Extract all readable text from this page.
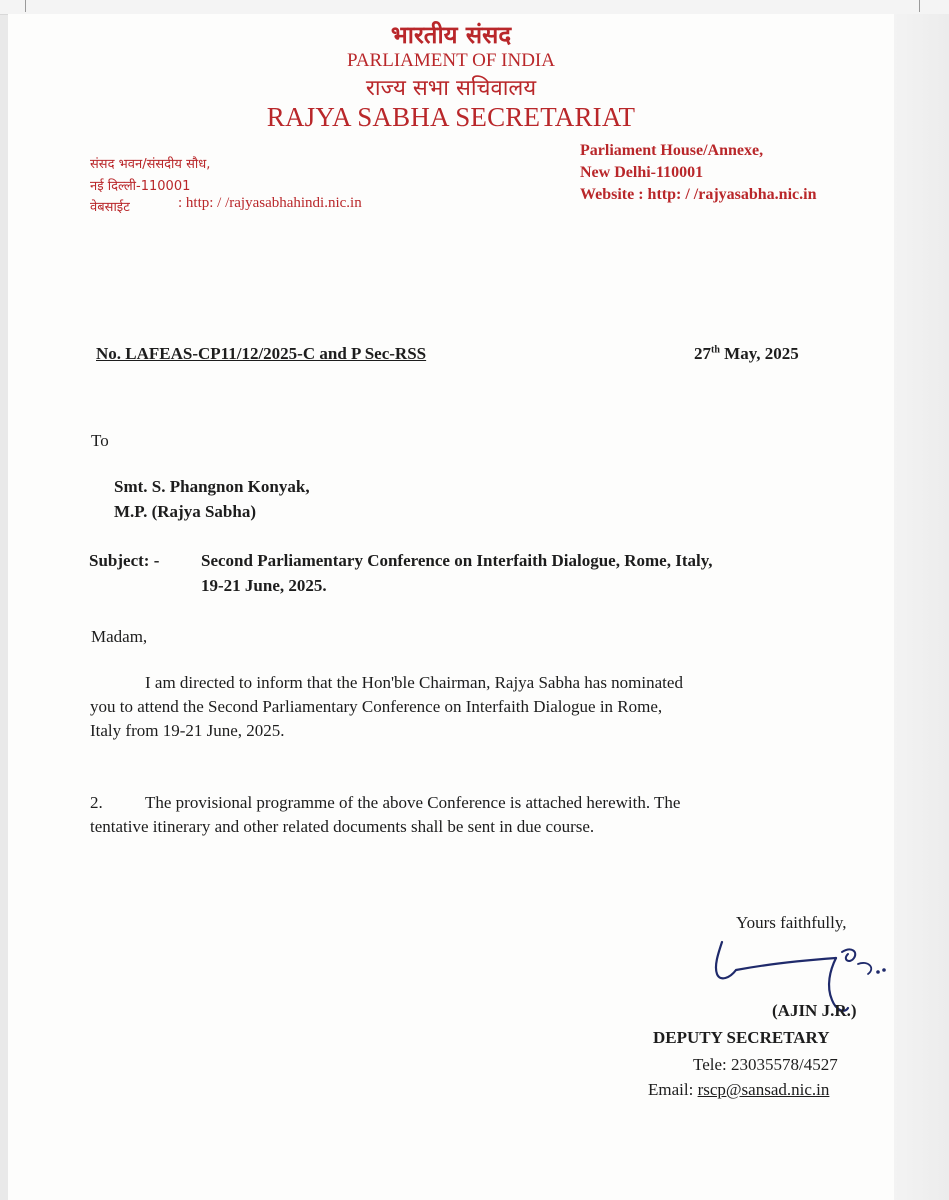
भारतीय संसद
PARLIAMENT OF INDIA
राज्य सभा सचिवालय
RAJYA SABHA SECRETARIAT
संसद भवन/संसदीय सौध,
नई दिल्ली-110001
वेबसाईट	: http: / /rajyasabhahindi.nic.in
Parliament House/Annexe,
New Delhi-110001
Website : http: / /rajyasabha.nic.in
No. LAFEAS-CP11/12/2025-C and P Sec-RSS	27th May, 2025
To
Smt. S. Phangnon Konyak,
M.P. (Rajya Sabha)
Subject: - Second Parliamentary Conference on Interfaith Dialogue, Rome, Italy,
19-21 June, 2025.
Madam,
I am directed to inform that the Hon'ble Chairman, Rajya Sabha has nominated
you to attend the Second Parliamentary Conference on Interfaith Dialogue in Rome,
Italy from 19-21 June, 2025.
2. The provisional programme of the above Conference is attached herewith. The
tentative itinerary and other related documents shall be sent in due course.
Yours faithfully,
(AJIN J.R.)
DEPUTY SECRETARY
Tele: 23035578/4527
Email: rscp@sansad.nic.in
